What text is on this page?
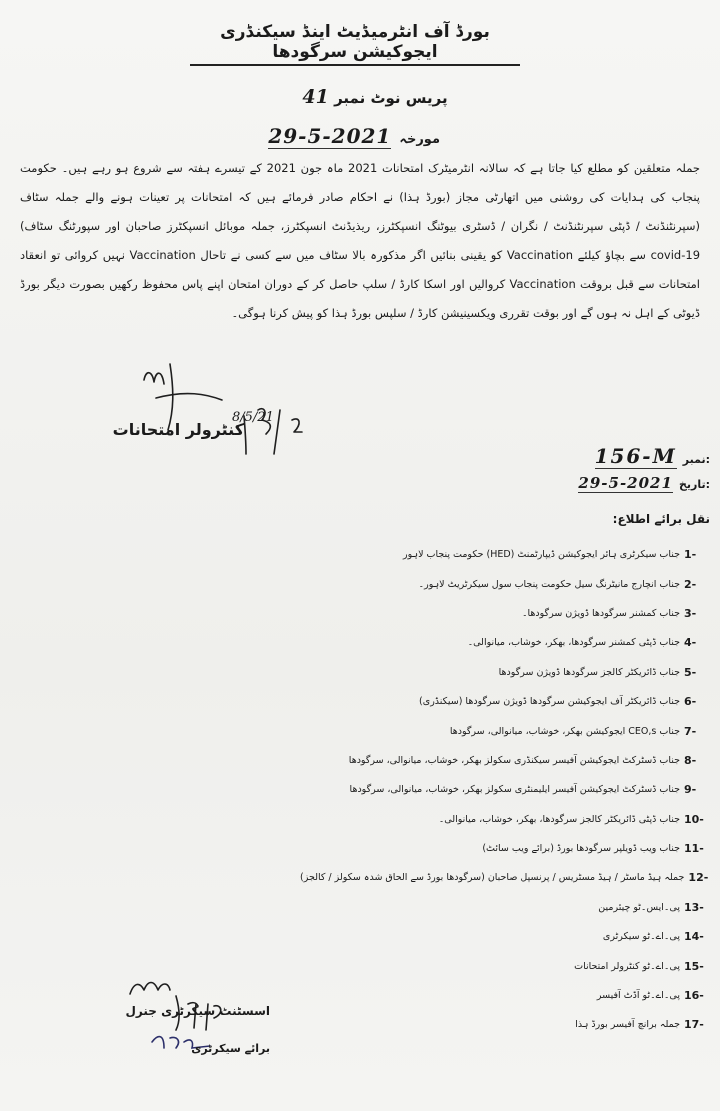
بورڈ آف انٹرمیڈیٹ اینڈ سیکنڈری ایجوکیشن سرگودھا
پریس نوٹ نمبر 41
مورخہ
29-5-2021

جملہ متعلقین کو مطلع کیا جاتا ہے کہ سالانہ انٹرمیٹرک امتحانات 2021 ماہ جون 2021 کے تیسرے ہفتہ سے شروع ہو رہے ہیں۔ حکومت پنجاب کی ہدایات کی روشنی میں اتھارٹی مجاز (بورڈ ہذا) نے احکام صادر فرمائے ہیں کہ امتحانات پر تعینات ہونے والے جملہ سٹاف (سپرنٹنڈنٹ / ڈپٹی سپرنٹنڈنٹ / نگران / ڈسٹری بیوٹنگ انسپکٹرز، ریذیڈنٹ انسپکٹرز، جملہ موبائل انسپکٹرز صاحبان اور سپورٹنگ سٹاف) covid-19 سے بچاؤ کیلئے Vaccination کو یقینی بنائیں اگر مذکورہ بالا سٹاف میں سے کسی نے تاحال Vaccination نہیں کروائی تو انعقاد امتحانات سے قبل بروقت Vaccination کروالیں اور اسکا کارڈ / سلپ حاصل کر کے دوران امتحان اپنے پاس محفوظ رکھیں بصورت دیگر بورڈ ڈیوٹی کے اہل نہ ہوں گے اور بوقت تقرری ویکسینیشن کارڈ / سلپس بورڈ ہذا کو پیش کرنا ہوگی۔

8/5/21
کنٹرولر امتحانات
نمبر:
156-M
تاریخ:
29-5-2021
نقل برائے اطلاع:
1-
جناب سیکرٹری ہائر ایجوکیشن ڈیپارٹمنٹ (HED) حکومت پنجاب لاہور
2-
جناب انچارج مانیٹرنگ سیل حکومت پنجاب سول سیکرٹریٹ لاہور۔
3-
جناب کمشنر سرگودھا ڈویژن سرگودھا۔
4-
جناب ڈپٹی کمشنر سرگودھا، بھکر، خوشاب، میانوالی۔
5-
جناب ڈائریکٹر کالجز سرگودھا ڈویژن سرگودھا
6-
جناب ڈائریکٹر آف ایجوکیشن سرگودھا ڈویژن سرگودھا (سیکنڈری)
7-
جناب CEO,s ایجوکیشن بھکر، خوشاب، میانوالی، سرگودھا
8-
جناب ڈسٹرکٹ ایجوکیشن آفیسر سیکنڈری سکولز بھکر، خوشاب، میانوالی، سرگودھا
9-
جناب ڈسٹرکٹ ایجوکیشن آفیسر ایلیمنٹری سکولز بھکر، خوشاب، میانوالی، سرگودھا
10-
جناب ڈپٹی ڈائریکٹر کالجز سرگودھا، بھکر، خوشاب، میانوالی۔
11-
جناب ویب ڈویلپر سرگودھا بورڈ (برائے ویب سائٹ)
12-
جملہ ہیڈ ماسٹر / ہیڈ مسٹریس / پرنسپل صاحبان (سرگودھا بورڈ سے الحاق شدہ سکولز / کالجز)
13-
پی۔ایس۔ٹو چیئرمین
14-
پی۔اے۔ٹو سیکرٹری
15-
پی۔اے۔ٹو کنٹرولر امتحانات
16-
پی۔اے۔ٹو آڈٹ آفیسر
17-
جملہ برانچ آفیسر بورڈ ہذا
اسسٹنٹ سیکرٹری جنرل
برائے سیکرٹری
